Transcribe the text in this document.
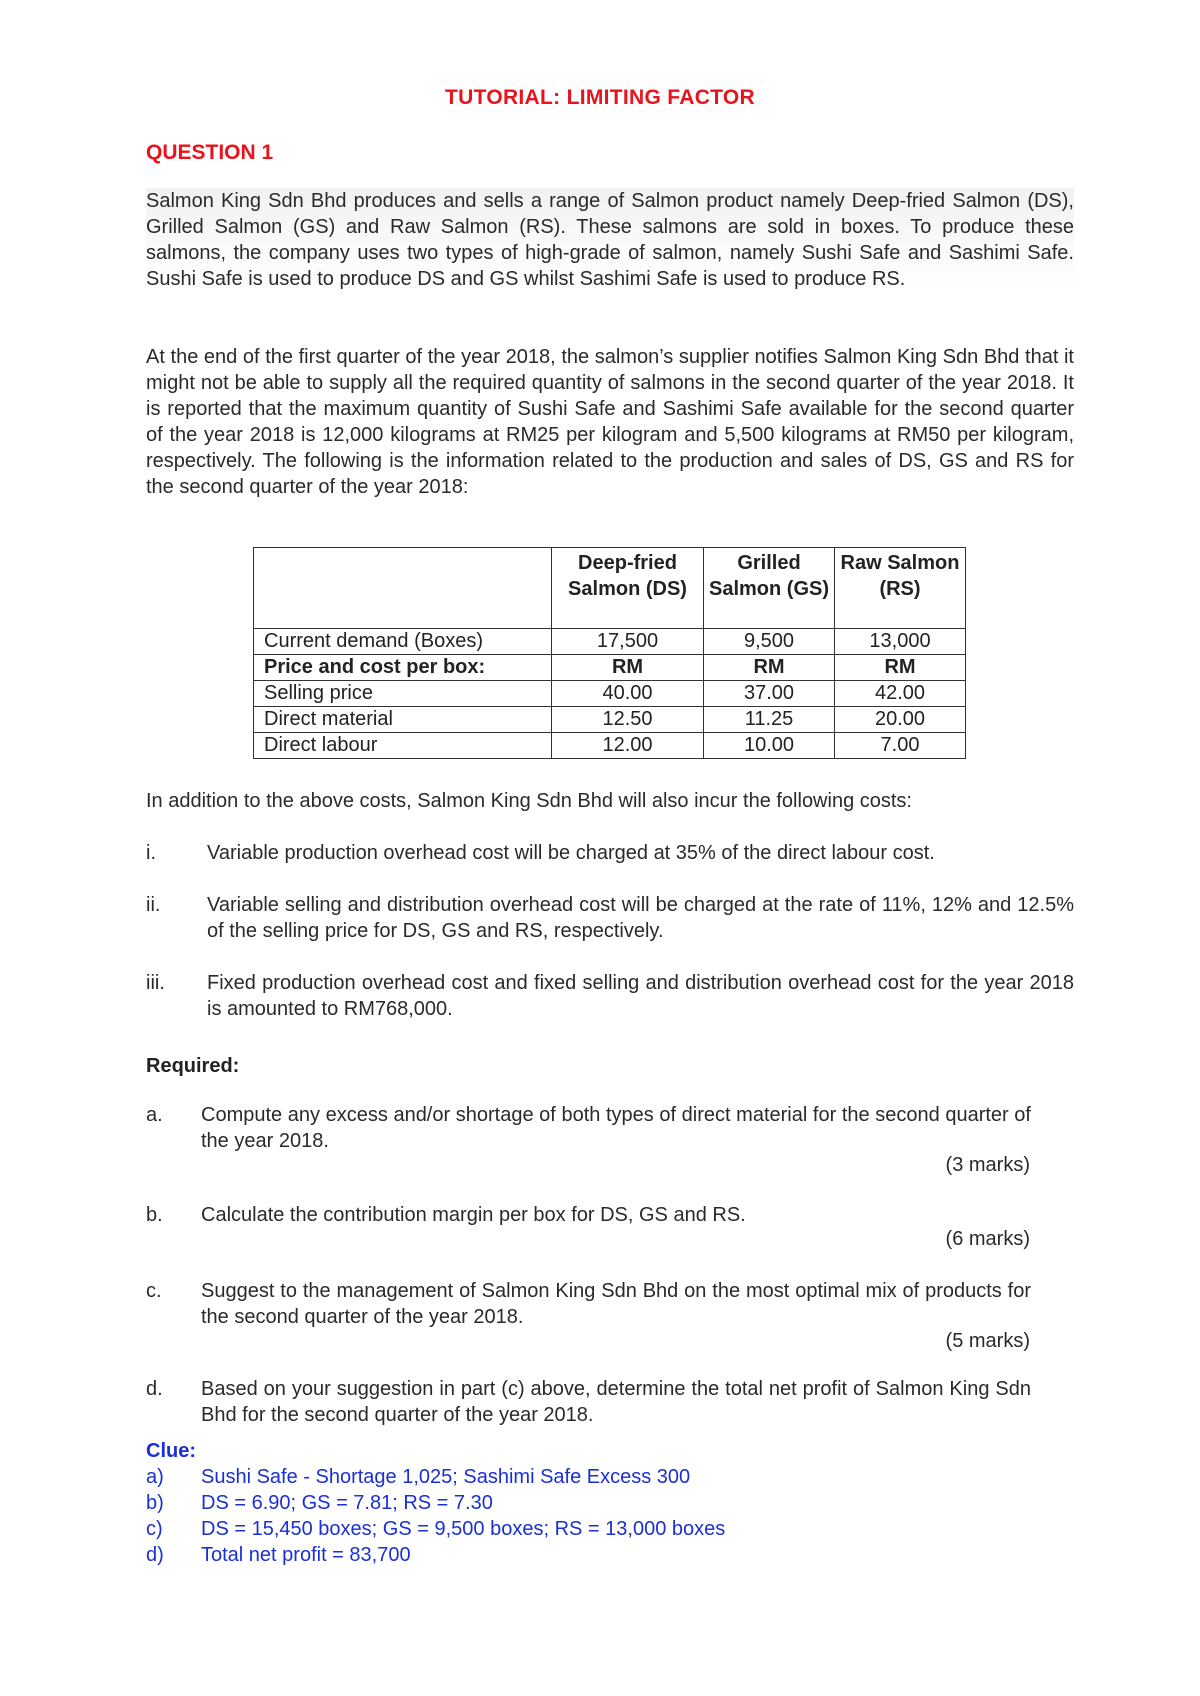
TUTORIAL: LIMITING FACTOR
QUESTION 1
Salmon King Sdn Bhd produces and sells a range of Salmon product namely Deep-fried Salmon (DS), Grilled Salmon (GS) and Raw Salmon (RS). These salmons are sold in boxes. To produce these salmons, the company uses two types of high-grade of salmon, namely Sushi Safe and Sashimi Safe. Sushi Safe is used to produce DS and GS whilst Sashimi Safe is used to produce RS.
At the end of the first quarter of the year 2018, the salmon’s supplier notifies Salmon King Sdn Bhd that it might not be able to supply all the required quantity of salmons in the second quarter of the year 2018. It is reported that the maximum quantity of Sushi Safe and Sashimi Safe available for the second quarter of the year 2018 is 12,000 kilograms at RM25 per kilogram and 5,500 kilograms at RM50 per kilogram, respectively. The following is the information related to the production and sales of DS, GS and RS for the second quarter of the year 2018:
	Deep-fried Salmon (DS)	Grilled Salmon (GS)	Raw Salmon (RS)
Current demand (Boxes)	17,500	9,500	13,000
Price and cost per box:	RM	RM	RM
Selling price	40.00	37.00	42.00
Direct material	12.50	11.25	20.00
Direct labour	12.00	10.00	7.00
In addition to the above costs, Salmon King Sdn Bhd will also incur the following costs:
i.	Variable production overhead cost will be charged at 35% of the direct labour cost.
ii. Variable selling and distribution overhead cost will be charged at the rate of 11%, 12% and 12.5% of the selling price for DS, GS and RS, respectively.
iii. Fixed production overhead cost and fixed selling and distribution overhead cost for the year 2018 is amounted to RM768,000.
Required:
a. Compute any excess and/or shortage of both types of direct material for the second quarter of the year 2018.
(3 marks)
b. Calculate the contribution margin per box for DS, GS and RS.
(6 marks)
c. Suggest to the management of Salmon King Sdn Bhd on the most optimal mix of products for the second quarter of the year 2018.
(5 marks)
d. Based on your suggestion in part (c) above, determine the total net profit of Salmon King Sdn Bhd for the second quarter of the year 2018.
Clue:
a) Sushi Safe - Shortage 1,025; Sashimi Safe Excess 300
b) DS = 6.90; GS = 7.81; RS = 7.30
c) DS = 15,450 boxes; GS = 9,500 boxes; RS = 13,000 boxes
d) Total net profit = 83,700
